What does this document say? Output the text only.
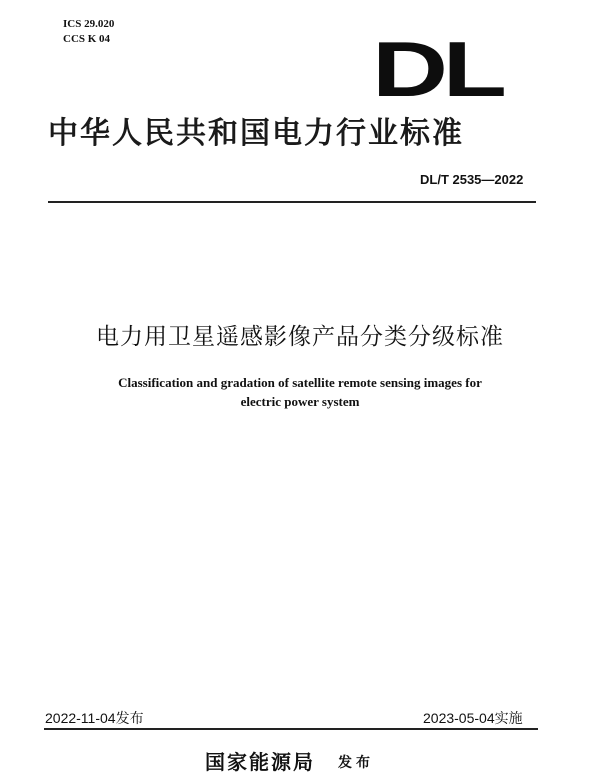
ICS 29.020
CCS K 04	DL
中华人民共和国电力行业标准
DL/T 2535—2022
电力用卫星遥感影像产品分类分级标准
Classification and gradation of satellite remote sensing images for
electric power system
2022-11-04发布	2023-05-04实施
国家能源局 发布
